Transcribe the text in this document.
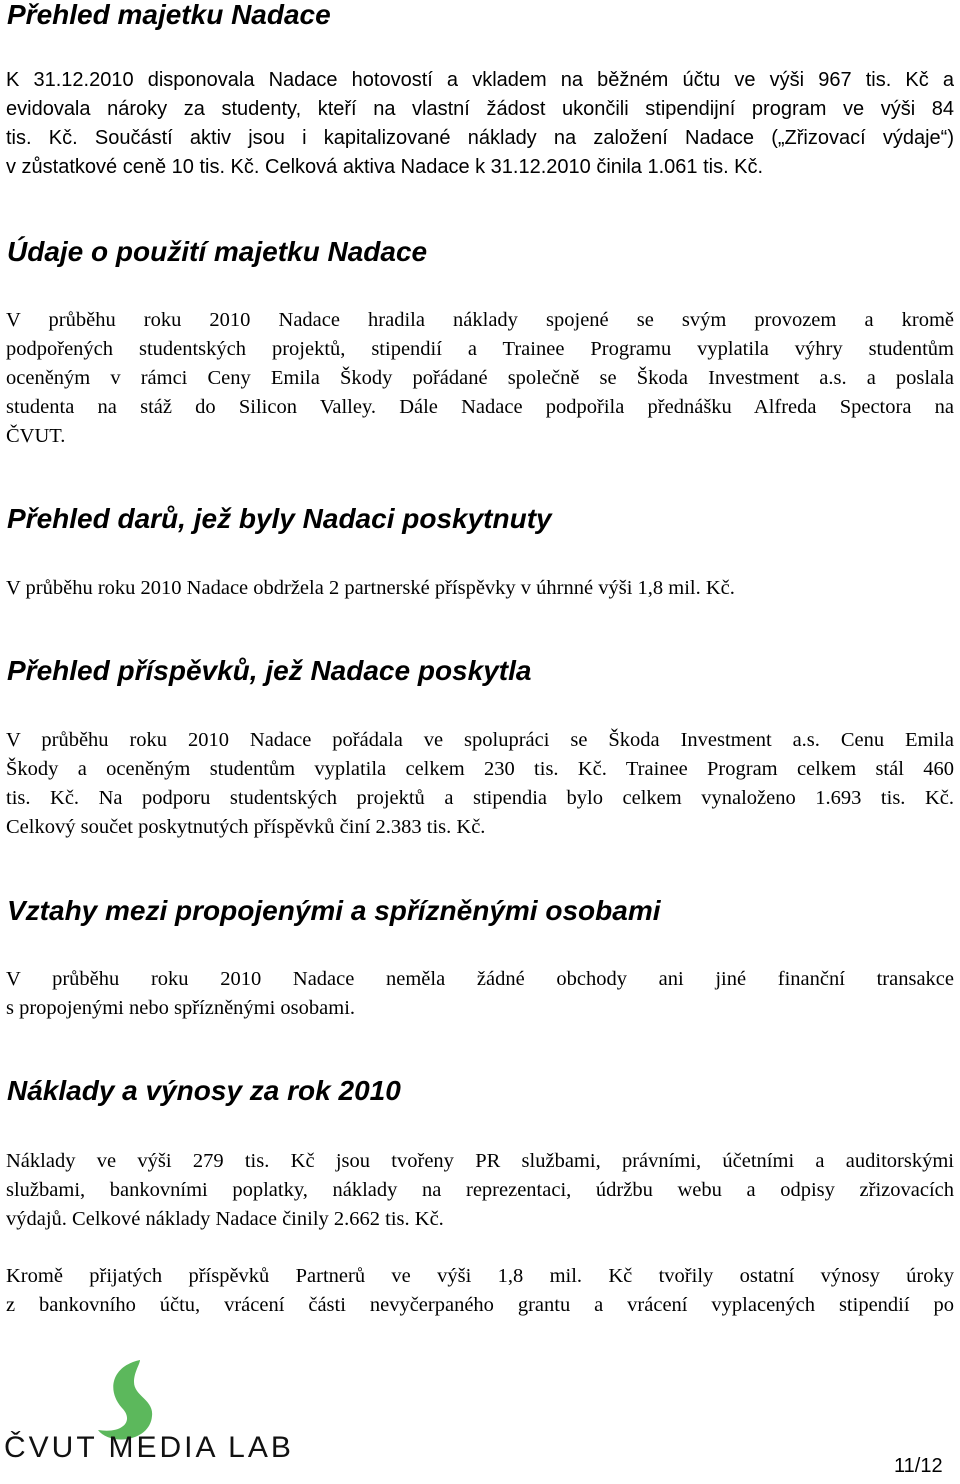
Přehled majetku Nadace
K 31.12.2010 disponovala Nadace hotovostí a vkladem na běžném účtu ve výši 967 tis. Kč a
evidovala nároky za studenty, kteří na vlastní žádost ukončili stipendijní program ve výši 84
tis. Kč. Součástí aktiv jsou i kapitalizované náklady na založení Nadace („Zřizovací výdaje“)
v zůstatkové ceně 10 tis. Kč. Celková aktiva Nadace k 31.12.2010 činila 1.061 tis. Kč.
Údaje o použití majetku Nadace
V průběhu roku 2010 Nadace hradila náklady spojené se svým provozem a kromě
podpořených studentských projektů, stipendií a Trainee Programu vyplatila výhry studentům
oceněným v rámci Ceny Emila Škody pořádané společně se Škoda Investment a.s. a poslala
studenta na stáž do Silicon Valley. Dále Nadace podpořila přednášku Alfreda Spectora na
ČVUT.
Přehled darů, jež byly Nadaci poskytnuty
V průběhu roku 2010 Nadace obdržela 2 partnerské příspěvky v úhrnné výši 1,8 mil. Kč.
Přehled příspěvků, jež Nadace poskytla
V průběhu roku 2010 Nadace pořádala ve spolupráci se Škoda Investment a.s. Cenu Emila
Škody a oceněným studentům vyplatila celkem 230 tis. Kč. Trainee Program celkem stál 460
tis. Kč. Na podporu studentských projektů a stipendia bylo celkem vynaloženo 1.693 tis. Kč.
Celkový součet poskytnutých příspěvků činí 2.383 tis. Kč.
Vztahy mezi propojenými a spřízněnými osobami
V průběhu roku 2010 Nadace neměla žádné obchody ani jiné finanční transakce
s propojenými nebo spřízněnými osobami.
Náklady a výnosy za rok 2010
Náklady ve výši 279 tis. Kč jsou tvořeny PR službami, právními, účetními a auditorskými
službami, bankovními poplatky, náklady na reprezentaci, údržbu webu a odpisy zřizovacích
výdajů. Celkové náklady Nadace činily 2.662 tis. Kč.
Kromě přijatých příspěvků Partnerů ve výši 1,8 mil. Kč tvořily ostatní výnosy úroky
z bankovního účtu, vrácení části nevyčerpaného grantu a vrácení vyplacených stipendií po
ČVUT MEDIA LAB
11/12
